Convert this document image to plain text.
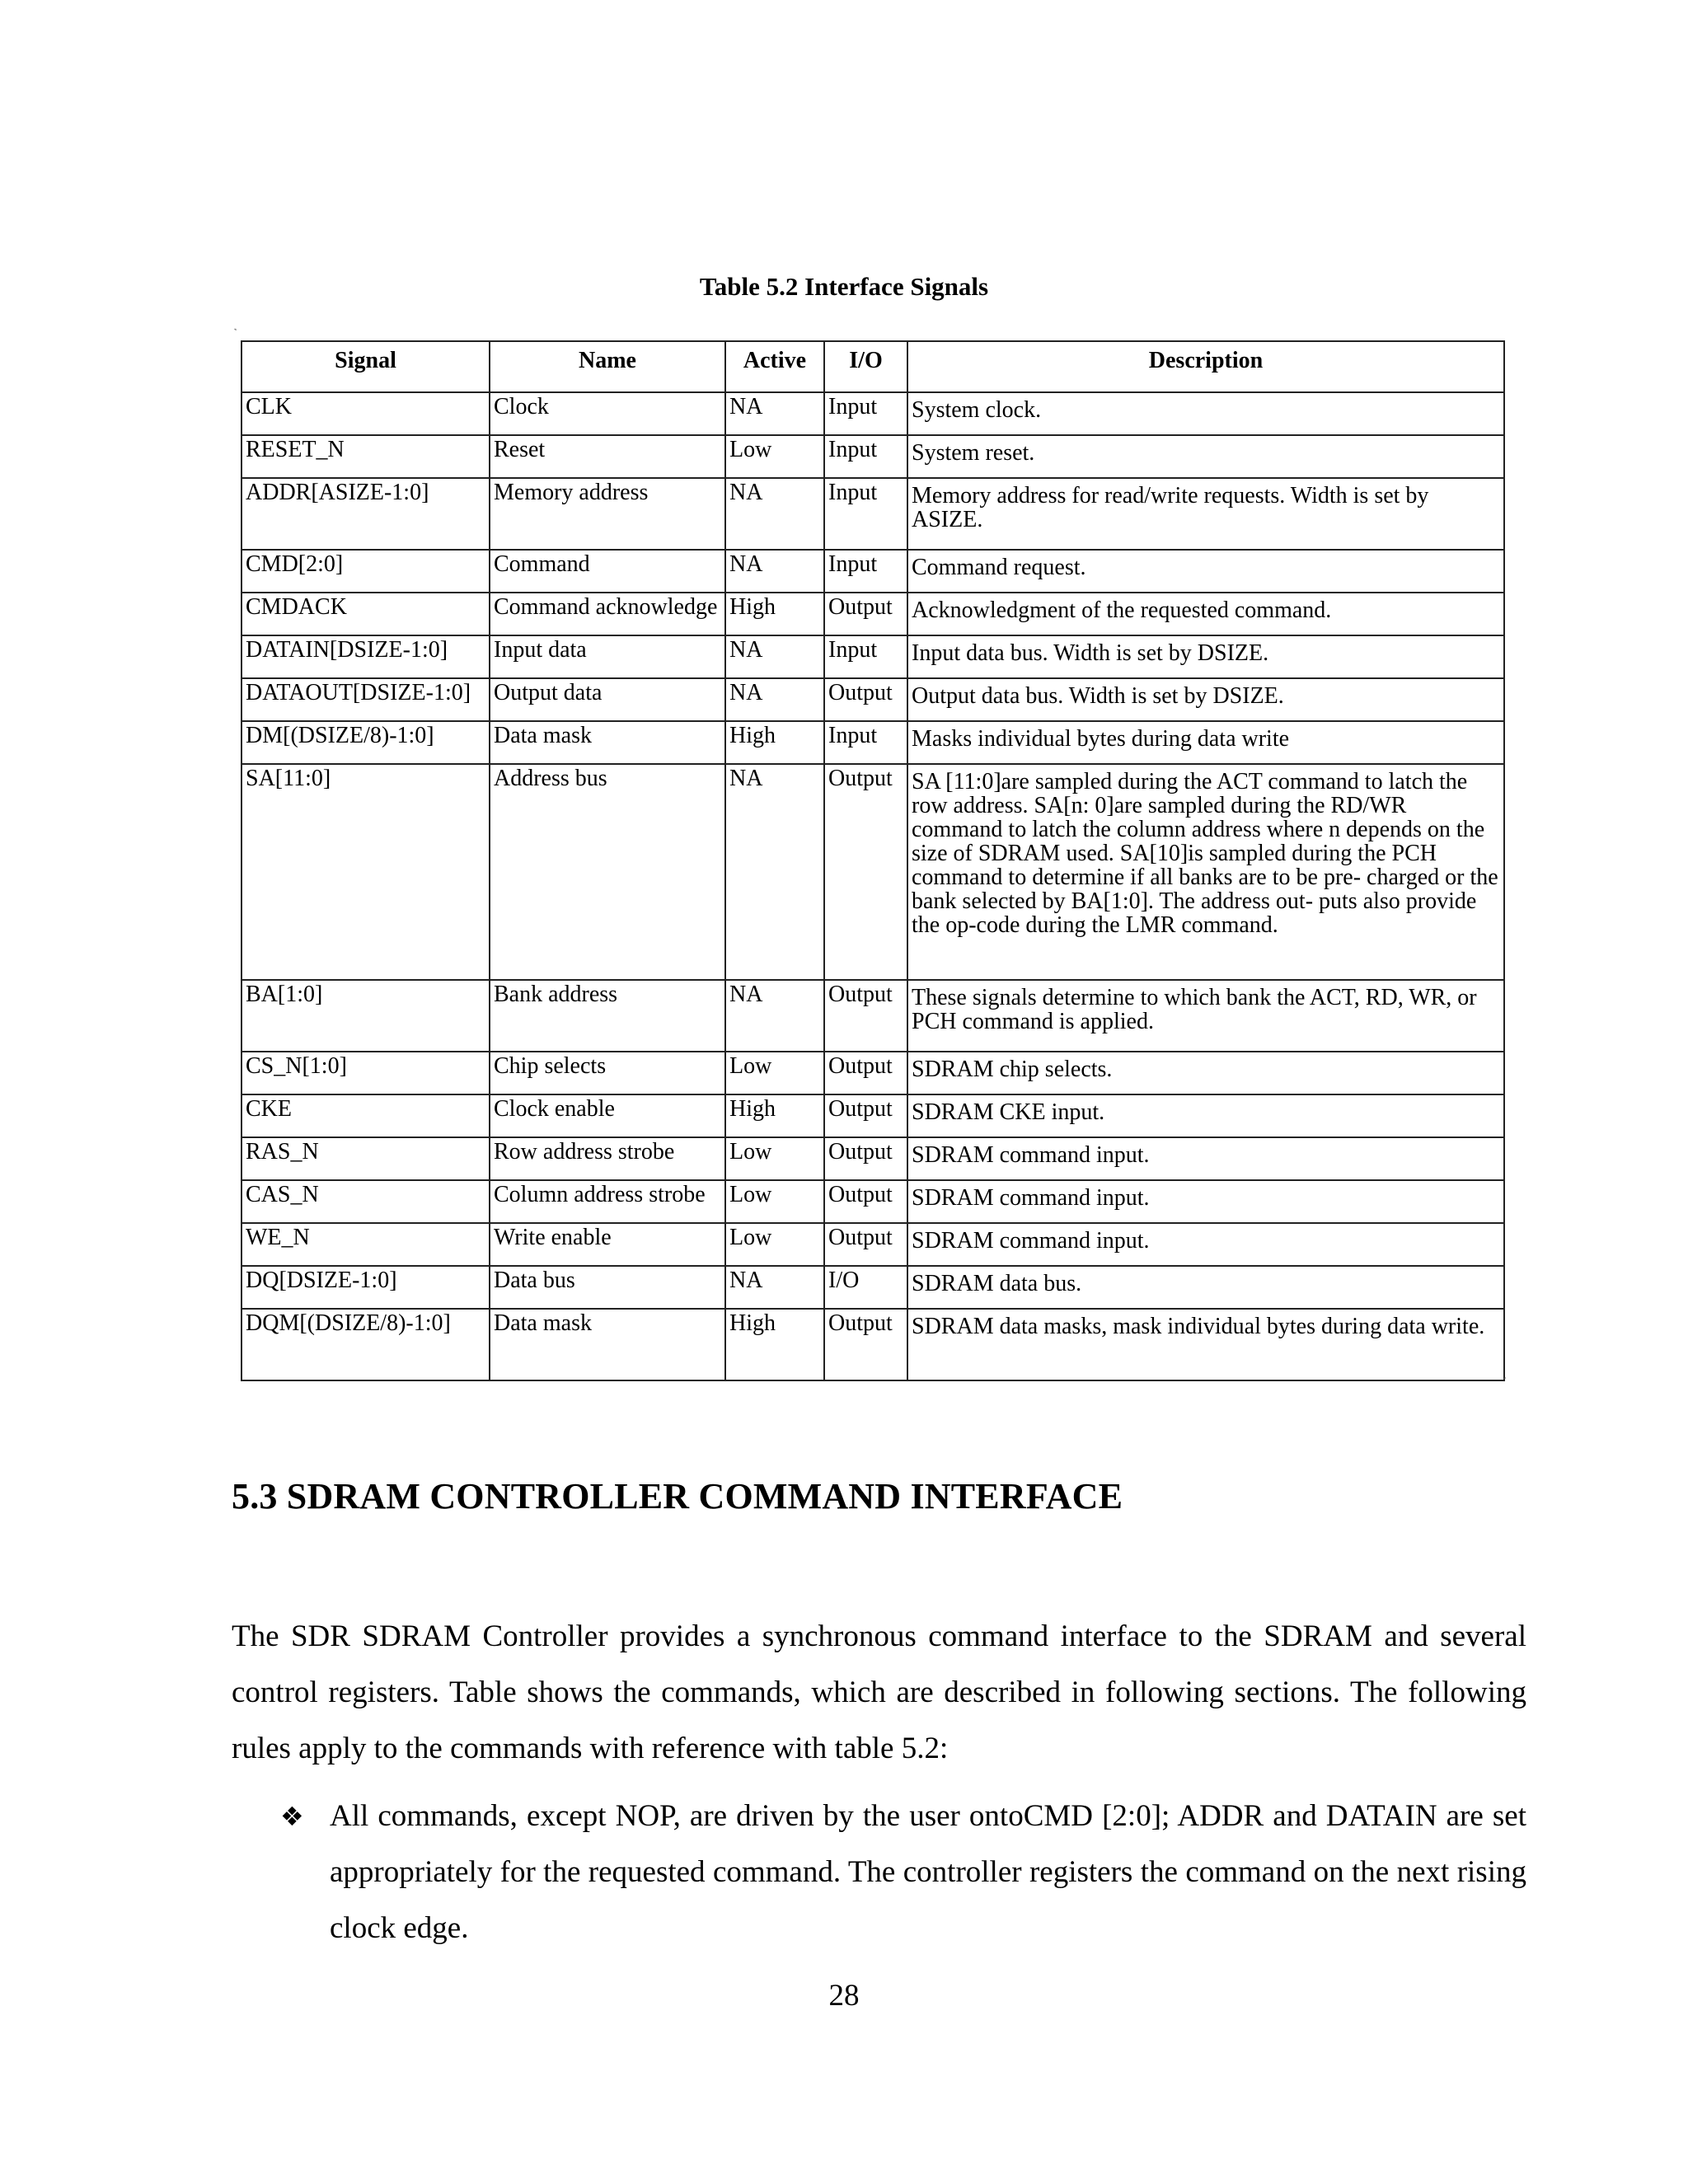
Table 5.2 Interface Signals
˺
Signal	Name	Active	I/O	Description
CLK	Clock	NA	Input	System clock.
RESET_N	Reset	Low	Input	System reset.
ADDR[ASIZE-1:0]	Memory address	NA	Input	Memory address for read/write requests. Width is set by ASIZE.
CMD[2:0]	Command	NA	Input	Command request.
CMDACK	Command acknowledge	High	Output	Acknowledgment of the requested command.
DATAIN[DSIZE-1:0]	Input data	NA	Input	Input data bus. Width is set by DSIZE.
DATAOUT[DSIZE-1:0]	Output data	NA	Output	Output data bus. Width is set by DSIZE.
DM[(DSIZE/8)-1:0]	Data mask	High	Input	Masks individual bytes during data write
SA[11:0]	Address bus	NA	Output	SA [11:0]are sampled during the ACT command to latch the row address. SA[n: 0]are sampled during the RD/WR command to latch the column address where n depends on the size of SDRAM used. SA[10]is sampled during the PCH command to determine if all banks are to be pre- charged or the bank selected by BA[1:0]. The address out- puts also provide the op-code during the LMR command.
BA[1:0]	Bank address	NA	Output	These signals determine to which bank the ACT, RD, WR, or PCH command is applied.
CS_N[1:0]	Chip selects	Low	Output	SDRAM chip selects.
CKE	Clock enable	High	Output	SDRAM CKE input.
RAS_N	Row address strobe	Low	Output	SDRAM command input.
CAS_N	Column address strobe	Low	Output	SDRAM command input.
WE_N	Write enable	Low	Output	SDRAM command input.
DQ[DSIZE-1:0]	Data bus	NA	I/O	SDRAM data bus.
DQM[(DSIZE/8)-1:0]	Data mask	High	Output	SDRAM data masks, mask individual bytes during data write.
˼
5.3 SDRAM CONTROLLER COMMAND INTERFACE
The SDR SDRAM Controller provides a synchronous command interface to the SDRAM and several control registers. Table shows the commands, which are described in following sections. The following rules apply to the commands with reference with table 5.2:
❖ All commands, except NOP, are driven by the user ontoCMD [2:0]; ADDR and DATAIN are set appropriately for the requested command. The controller registers the command on the next rising clock edge.
28
